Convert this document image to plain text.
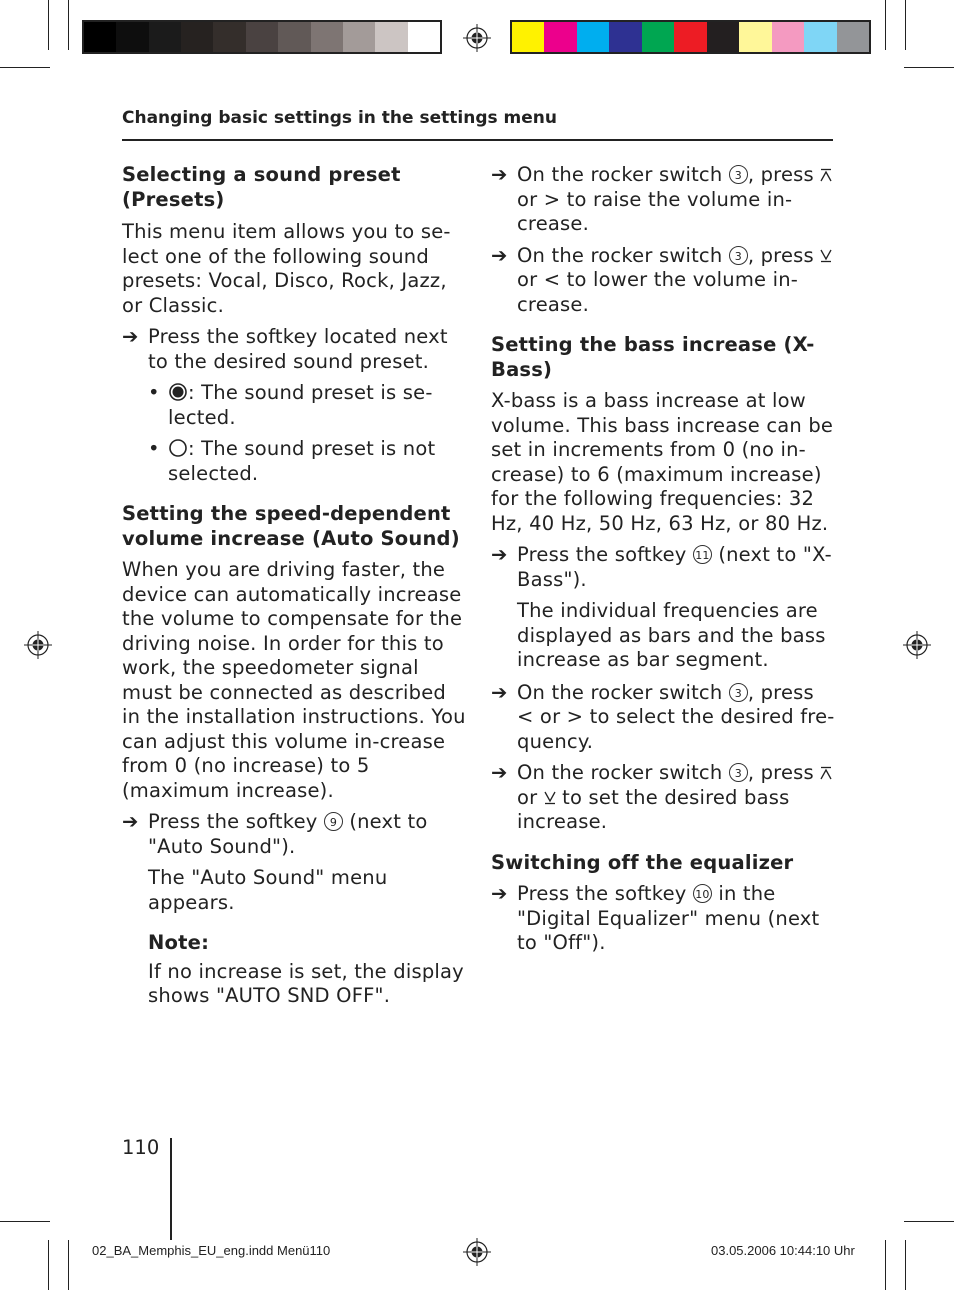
Changing basic settings in the settings menu
Selecting a sound preset (Presets)

This menu item allows you to se-lect one of the following sound presets: Vocal, Disco, Rock, Jazz, or Classic.

➔ Press the softkey located next to the desired sound preset.
• : The sound preset is se-lected.
• : The sound preset is not selected.
Setting the speed-dependent volume increase (Auto Sound)

When you are driving faster, the device can automatically increase the volume to compensate for the driving noise. In order for this to work, the speedometer signal must be connected as described in the installation instructions. You can adjust this volume in-crease from 0 (no increase) to 5 (maximum increase).

➔ Press the softkey 9 (next to "Auto Sound").

The "Auto Sound" menu appears.

Note:

If no increase is set, the display shows "AUTO SND OFF".

➔ On the rocker switch 3 , press  or > to raise the volume in-crease.
➔ On the rocker switch 3 , press  or < to lower the volume in-crease.
Setting the bass increase (X-Bass)

X-bass is a bass increase at low volume. This bass increase can be set in increments from 0 (no in-crease) to 6 (maximum increase) for the following frequencies: 32 Hz, 40 Hz, 50 Hz, 63 Hz, or 80 Hz.

➔ Press the softkey 11 (next to "X-Bass").

The individual frequencies are displayed as bars and the bass increase as bar segment.

➔ On the rocker switch 3 , press < or > to select the desired fre-quency.
➔ On the rocker switch 3 , press  or  to set the desired bass increase.
Switching off the equalizer
➔ Press the softkey 10 in the "Digital Equalizer" menu (next to "Off").
110
02_BA_Memphis_EU_eng.indd Menü110	03.05.2006 10:44:10 Uhr
